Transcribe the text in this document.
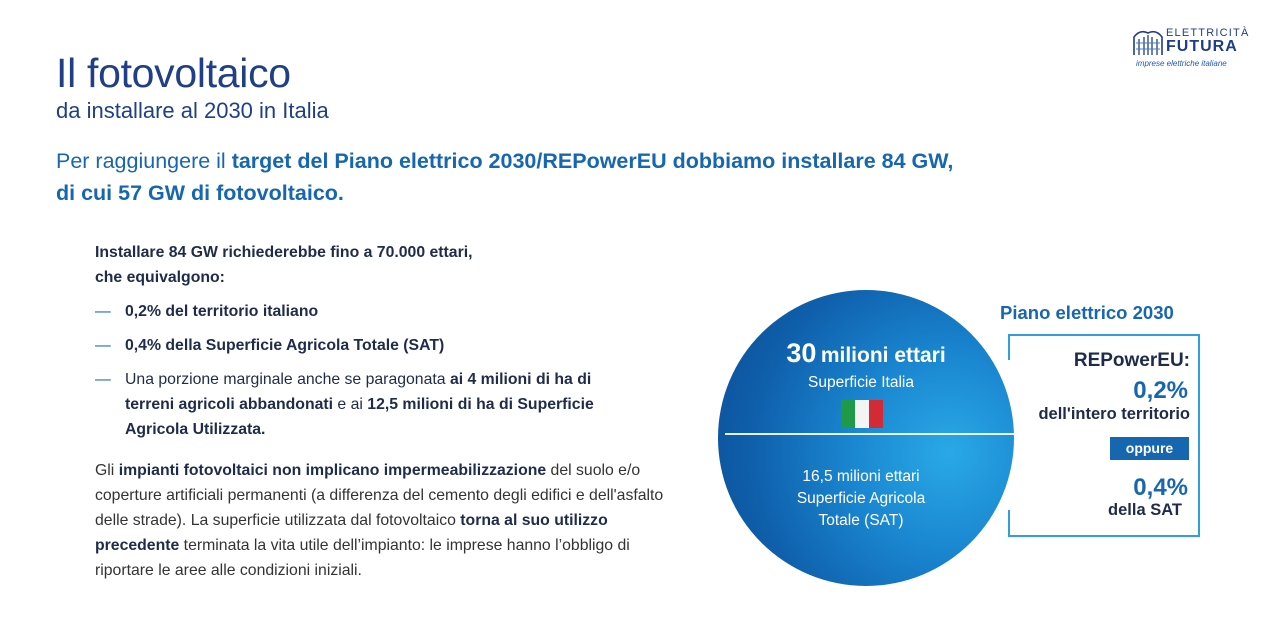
ELETTRICITÀ
FUTURA
imprese elettriche italiane
Il fotovoltaico
da installare al 2030 in Italia
Per raggiungere il target del Piano elettrico 2030/REPowerEU dobbiamo installare 84 GW,
di cui 57 GW di fotovoltaico.
Installare 84 GW richiederebbe fino a 70.000 ettari,
che equivalgono:
— 0,2% del territorio italiano
— 0,4% della Superficie Agricola Totale (SAT)
— Una porzione marginale anche se paragonata ai 4 milioni di ha di terreni agricoli abbandonati e ai 12,5 milioni di ha di Superficie Agricola Utilizzata.
Gli impianti fotovoltaici non implicano impermeabilizzazione del suolo e/o coperture artificiali permanenti (a differenza del cemento degli edifici e dell'asfalto delle strade). La superficie utilizzata dal fotovoltaico torna al suo utilizzo precedente terminata la vita utile dell’impianto: le imprese hanno l’obbligo di riportare le aree alle condizioni iniziali.
30 milioni ettari
Superficie Italia
16,5 milioni ettari
Superficie Agricola
Totale (SAT)
Piano elettrico 2030
REPowerEU:
0,2%
dell'intero territorio
oppure
0,4%
della SAT
